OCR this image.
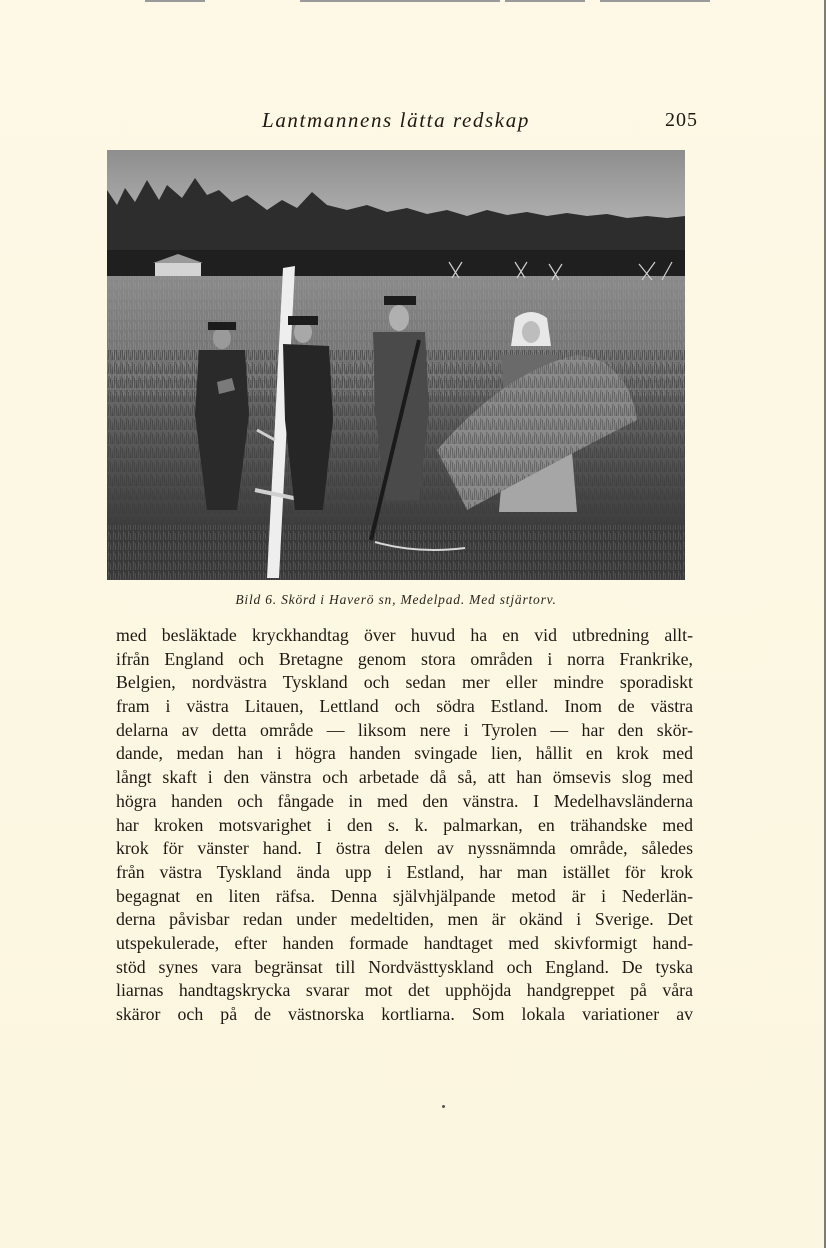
Lantmannens lätta redskap	205
Bild 6. Skörd i Haverö sn, Medelpad. Med stjärtorv.
med besläktade kryckhandtag över huvud ha en vid utbredning allt-
ifrån England och Bretagne genom stora områden i norra Frankrike,
Belgien, nordvästra Tyskland och sedan mer eller mindre sporadiskt
fram i västra Litauen, Lettland och södra Estland. Inom de västra
delarna av detta område — liksom nere i Tyrolen — har den skör-
dande, medan han i högra handen svingade lien, hållit en krok med
långt skaft i den vänstra och arbetade då så, att han ömsevis slog med
högra handen och fångade in med den vänstra. I Medelhavsländerna
har kroken motsvarighet i den s. k. palmarkan, en trähandske med
krok för vänster hand. I östra delen av nyssnämnda område, således
från västra Tyskland ända upp i Estland, har man istället för krok
begagnat en liten räfsa. Denna självhjälpande metod är i Nederlän-
derna påvisbar redan under medeltiden, men är okänd i Sverige. Det
utspekulerade, efter handen formade handtaget med skivformigt hand-
stöd synes vara begränsat till Nordvästtyskland och England. De tyska
liarnas handtagskrycka svarar mot det upphöjda handgreppet på våra
skäror och på de västnorska kortliarna. Som lokala variationer av
